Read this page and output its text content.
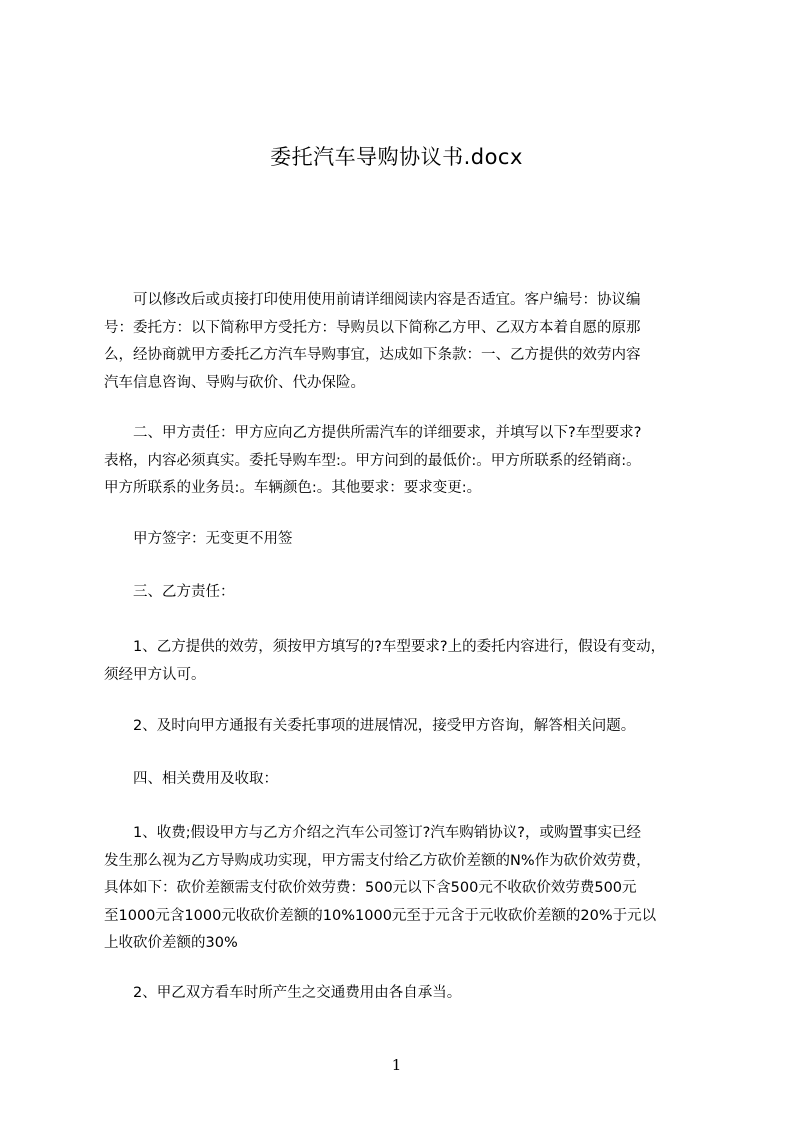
委托汽车导购协议书.docx

　　可以修改后或贞接打印使用使用前请详细阅读内容是否适宜。客户编号：协议编
号：委托方：以下简称甲方受托方：导购员以下简称乙方甲、乙双方本着自愿的原那
么，经协商就甲方委托乙方汽车导购事宜，达成如下条款：一、乙方提供的效劳内容
汽车信息咨询、导购与砍价、代办保险。

　　二、甲方责任：甲方应向乙方提供所需汽车的详细要求，并填写以下?车型要求?
表格，内容必须真实。委托导购车型:。甲方问到的最低价:。甲方所联系的经销商:。
甲方所联系的业务员:。车辆颜色:。其他要求：要求变更:。

　　甲方签字：无变更不用签

　　三、乙方责任：

　　1、乙方提供的效劳，须按甲方填写的?车型要求?上的委托内容进行，假设有变动，
须经甲方认可。

　　2、及时向甲方通报有关委托事项的进展情况，接受甲方咨询，解答相关问题。

　　四、相关费用及收取：

　　1、收费;假设甲方与乙方介绍之汽车公司签订?汽车购销协议?，或购置事实已经
发生那么视为乙方导购成功实现，甲方需支付给乙方砍价差额的N%作为砍价效劳费，
具体如下：砍价差额需支付砍价效劳费：500元以下含500元不收砍价效劳费500元
至1000元含1000元收砍价差额的10%1000元至于元含于元收砍价差额的20%于元以
上收砍价差额的30%

　　2、甲乙双方看车时所产生之交通费用由各自承当。

1
